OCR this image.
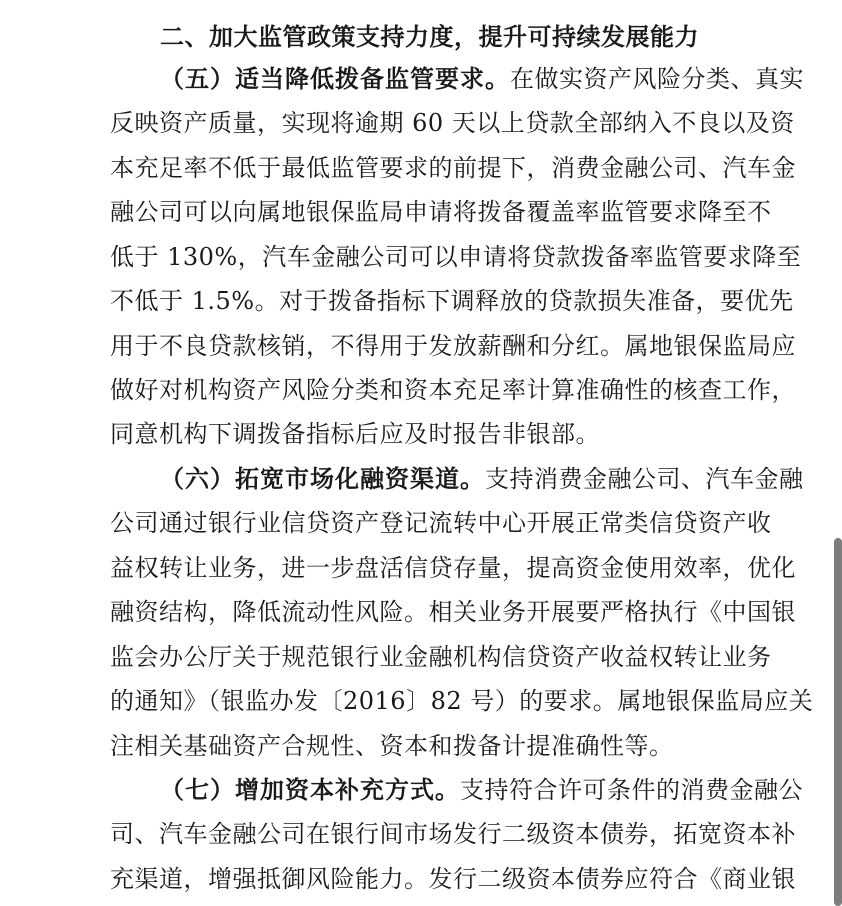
二、加大监管政策支持力度，提升可持续发展能力
（五）适当降低拨备监管要求。在做实资产风险分类、真实
反映资产质量，实现将逾期 60 天以上贷款全部纳入不良以及资
本充足率不低于最低监管要求的前提下，消费金融公司、汽车金
融公司可以向属地银保监局申请将拨备覆盖率监管要求降至不
低于 130%，汽车金融公司可以申请将贷款拨备率监管要求降至
不低于 1.5%。对于拨备指标下调释放的贷款损失准备，要优先
用于不良贷款核销，不得用于发放薪酬和分红。属地银保监局应
做好对机构资产风险分类和资本充足率计算准确性的核查工作，
同意机构下调拨备指标后应及时报告非银部。
（六）拓宽市场化融资渠道。支持消费金融公司、汽车金融
公司通过银行业信贷资产登记流转中心开展正常类信贷资产收
益权转让业务，进一步盘活信贷存量，提高资金使用效率，优化
融资结构，降低流动性风险。相关业务开展要严格执行《中国银
监会办公厅关于规范银行业金融机构信贷资产收益权转让业务
的通知》（银监办发〔2016〕82 号）的要求。属地银保监局应关
注相关基础资产合规性、资本和拨备计提准确性等。
（七）增加资本补充方式。支持符合许可条件的消费金融公
司、汽车金融公司在银行间市场发行二级资本债券，拓宽资本补
充渠道，增强抵御风险能力。发行二级资本债券应符合《商业银
